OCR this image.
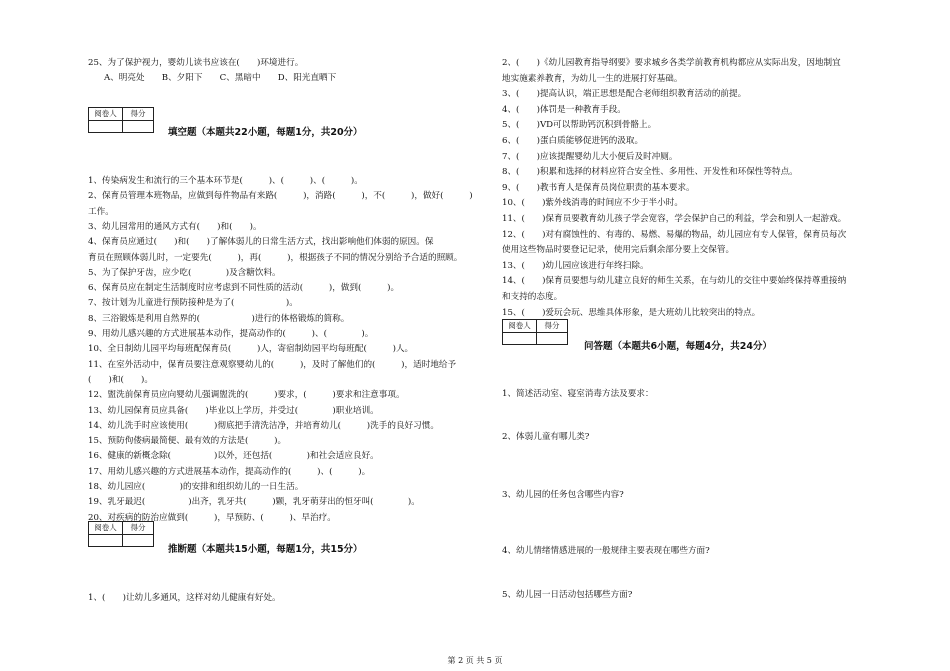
25、为了保护视力，婴幼儿读书应该在(　　)环境进行。
A、明亮处　　B、夕阳下　　C、黑暗中　　D、阳光直晒下
阅卷人	得分
填空题（本题共22小题，每题1分，共20分）
1、传染病发生和流行的三个基本环节是(　　　)、(　　　)、(　　　)。
2、保育员管理本班物品，应做到每件物品有来路(　　　)，消路(　　　)，不(　　　)，做好(　　　)
工作。
3、幼儿园常用的通风方式有(　　)和(　　)。
4、保育员应通过(　　)和(　　)了解体弱儿的日常生活方式，找出影响他们体弱的原因。保
育员在照顾体弱儿时，一定要先(　　　)，再(　　　)，根据孩子不同的情况分别给予合适的照顾。
5、为了保护牙齿，应少吃(　　　　)及含糖饮料。
6、保育员应在制定生活制度时应考虑到不同性质的活动(　　　)，做到(　　　)。
7、按计划为儿童进行预防接种是为了(　　　　　　)。
8、三浴锻炼是利用自然界的(　　　　　　)进行的体格锻炼的简称。
9、用幼儿感兴趣的方式进展基本动作，提高动作的(　　　)、(　　　　)。
10、全日制幼儿园平均每班配保育员(　　　)人，寄宿制幼园平均每班配(　　　)人。
11、在室外活动中，保育员要注意观察婴幼儿的(　　　)，及时了解他们的(　　　)，适时地给予
(　　)和(　　)。
12、盥洗前保育员应向婴幼儿强调盥洗的(　　　)要求，(　　　)要求和注意事项。
13、幼儿园保育员应具备(　　)毕业以上学历，并受过(　　　　)职业培训。
14、幼儿洗手时应该使用(　　　)彻底把手清洗洁净，并培育幼儿(　　　)洗手的良好习惯。
15、预防佝偻病最简便、最有效的方法是(　　　)。
16、健康的新概念除(　　　　　)以外，还包括(　　　　)和社会适应良好。
17、用幼儿感兴趣的方式进展基本动作，提高动作的(　　　)、(　　　)。
18、幼儿园应(　　　　)的安排和组织幼儿的一日生活。
19、乳牙最迟(　　　　　)出齐，乳牙共(　　　)颗，乳牙萌芽出的恒牙叫(　　　　)。
20、对疾病的防治应做到(　　　)，早预防、(　　　)、早治疗。
阅卷人	得分
推断题（本题共15小题，每题1分，共15分）
1、(　　)让幼儿多通风，这样对幼儿健康有好处。
2、(　　)《幼儿园教育指导纲要》要求城乡各类学前教育机构都应从实际出发，因地制宜
地实施素养教育，为幼儿一生的进展打好基础。
3、(　　)提高认识，端正思想是配合老师组织教育活动的前提。
4、(　　)体罚是一种教育手段。
5、(　　)VD可以帮助钙沉积到骨骼上。
6、(　　)蛋白质能够促进钙的汲取。
7、(　　)应该提醒婴幼儿大小便后及时冲厕。
8、(　　)积累和选择的材料应符合安全性、多用性、开发性和环保性等特点。
9、(　　)教书育人是保育员岗位职责的基本要求。
10、(　　)紫外线消毒的时间应不少于半小时。
11、(　　)保育员要教育幼儿孩子学会宽容，学会保护自己的利益，学会和别人一起游戏。
12、(　　)对有腐蚀性的、有毒的、易燃、易爆的物品，幼儿园应有专人保管，保育员每次
使用这些物品时要登记记录，使用完后剩余部分要上交保管。
13、(　　)幼儿园应该进行年终扫除。
14、(　　)保育员要想与幼儿建立良好的师生关系，在与幼儿的交往中要始终保持尊重接纳
和支持的态度。
15、(　　)爱玩会玩、思维具体形象，是大班幼儿比较突出的特点。
阅卷人	得分
问答题（本题共6小题，每题4分，共24分）
1、简述活动室、寝室消毒方法及要求：
2、体弱儿童有哪儿类?
3、幼儿园的任务包含哪些内容?
4、幼儿情绪情感进展的一般规律主要表现在哪些方面?
5、幼儿园一日活动包括哪些方面?
第 2 页 共 5 页
